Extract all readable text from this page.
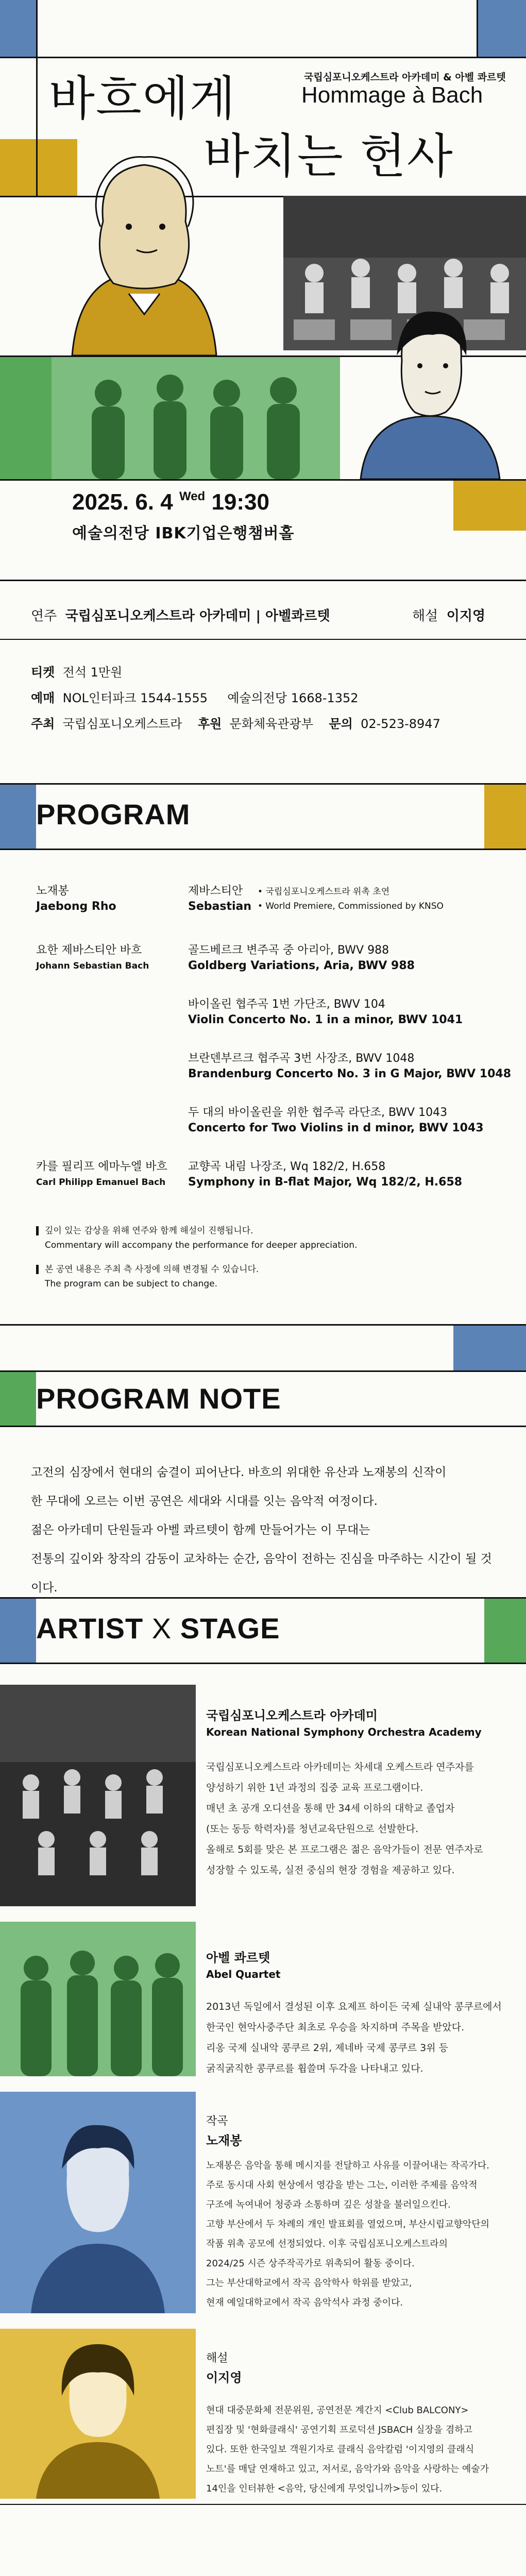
바흐에게
바치는 헌사
국립심포니오케스트라 아카데미 & 아벨 콰르텟
Hommage à Bach
2025. 6. 4 $^{Wed}$ 19:30
예술의전당 IBK기업은행챔버홀
연주 국립심포니오케스트라 아카데미 | 아벨콰르텟	해설 이지영
티켓 전석 1만원
예매 NOL인터파크 1544-1555 예술의전당 1668-1352
주최 국립심포니오케스트라 후원 문화체육관광부 문의 02-523-8947
PROGRAM
노재봉
Jaebong Rho
제바스티안
Sebastian
• 국립심포니오케스트라 위촉 초연
• World Premiere, Commissioned by KNSO
요한 제바스티안 바흐
Johann Sebastian Bach
골드베르크 변주곡 중 아리아, BWV 988
Goldberg Variations, Aria, BWV 988
바이올린 협주곡 1번 가단조, BWV 104
Violin Concerto No. 1 in a minor, BWV 1041
브란덴부르크 협주곡 3번 사장조, BWV 1048
Brandenburg Concerto No. 3 in G Major, BWV 1048
두 대의 바이올린을 위한 협주곡 라단조, BWV 1043
Concerto for Two Violins in d minor, BWV 1043
카를 필리프 에마누엘 바흐
Carl Philipp Emanuel Bach
교향곡 내림 나장조, Wq 182/2, H.658
Symphony in B-flat Major, Wq 182/2, H.658
깊이 있는 감상을 위해 연주와 함께 해설이 진행됩니다.
Commentary will accompany the performance for deeper appreciation.
본 공연 내용은 주최 측 사정에 의해 변경될 수 있습니다.
The program can be subject to change.
PROGRAM NOTE
고전의 심장에서 현대의 숨결이 피어난다. 바흐의 위대한 유산과 노재봉의 신작이
한 무대에 오르는 이번 공연은 세대와 시대를 잇는 음악적 여정이다.
젊은 아카데미 단원들과 아벨 콰르텟이 함께 만들어가는 이 무대는
전통의 깊이와 창작의 감동이 교차하는 순간, 음악이 전하는 진심을 마주하는 시간이 될 것이다.
ARTIST X STAGE
국립심포니오케스트라 아카데미
Korean National Symphony Orchestra Academy
국립심포니오케스트라 아카데미는 차세대 오케스트라 연주자를
양성하기 위한 1년 과정의 집중 교육 프로그램이다.
매년 초 공개 오디션을 통해 만 34세 이하의 대학교 졸업자
(또는 동등 학력자)를 청년교육단원으로 선발한다.
올해로 5회를 맞은 본 프로그램은 젊은 음악가들이 전문 연주자로
성장할 수 있도록, 실전 중심의 현장 경험을 제공하고 있다.
아벨 콰르텟
Abel Quartet
2013년 독일에서 결성된 이후 요제프 하이든 국제 실내악 콩쿠르에서
한국인 현악사중주단 최초로 우승을 차지하며 주목을 받았다.
리옹 국제 실내악 콩쿠르 2위, 제네바 국제 콩쿠르 3위 등
굵직굵직한 콩쿠르를 휩쓸며 두각을 나타내고 있다.
작곡
노재봉
노재봉은 음악을 통해 메시지를 전달하고 사유를 이끌어내는 작곡가다.
주로 동시대 사회 현상에서 영감을 받는 그는, 이러한 주제를 음악적
구조에 녹여내어 청중과 소통하며 깊은 성찰을 불러일으킨다.
고향 부산에서 두 차례의 개인 발표회를 열었으며, 부산시립교향악단의
작품 위촉 공모에 선정되었다. 이후 국립심포니오케스트라의
2024/25 시즌 상주작곡가로 위촉되어 활동 중이다.
그는 부산대학교에서 작곡 음악학사 학위를 받았고,
현재 예일대학교에서 작곡 음악석사 과정 중이다.
해설
이지영
현대 대중문화체 전문위원, 공연전문 계간지 <Club BALCONY>
편집장 및 '현화클래식' 공연기획 프로덕션 JSBACH 실장을 겸하고
있다. 또한 한국일보 객원기자로 클래식 음악칼럼 '이지영의 클래식
노트'를 매달 연재하고 있고, 저서로, 음악가와 음악을 사랑하는 예술가
14인을 인터뷰한 <음악, 당신에게 무엇입니까>등이 있다.
